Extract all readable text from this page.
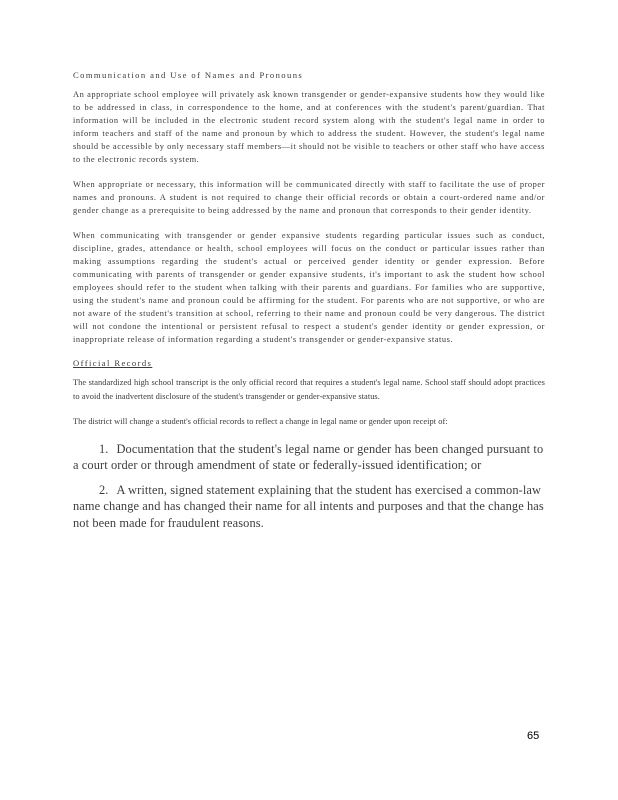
Communication and Use of Names and Pronouns

An appropriate school employee will privately ask known transgender or gender-expansive students how they would like to be addressed in class, in correspondence to the home, and at conferences with the student's parent/guardian. That information will be included in the electronic student record system along with the student's legal name in order to inform teachers and staff of the name and pronoun by which to address the student. However, the student's legal name should be accessible by only necessary staff members—it should not be visible to teachers or other staff who have access to the electronic records system.

When appropriate or necessary, this information will be communicated directly with staff to facilitate the use of proper names and pronouns. A student is not required to change their official records or obtain a court-ordered name and/or gender change as a prerequisite to being addressed by the name and pronoun that corresponds to their gender identity.

When communicating with transgender or gender expansive students regarding particular issues such as conduct, discipline, grades, attendance or health, school employees will focus on the conduct or particular issues rather than making assumptions regarding the student's actual or perceived gender identity or gender expression. Before communicating with parents of transgender or gender expansive students, it's important to ask the student how school employees should refer to the student when talking with their parents and guardians. For families who are supportive, using the student's name and pronoun could be affirming for the student. For parents who are not supportive, or who are not aware of the student's transition at school, referring to their name and pronoun could be very dangerous. The district will not condone the intentional or persistent refusal to respect a student's gender identity or gender expression, or inappropriate release of information regarding a student's transgender or gender-expansive status.

Official Records

The standardized high school transcript is the only official record that requires a student's legal name. School staff should adopt practices to avoid the inadvertent disclosure of the student's transgender or gender-expansive status.

The district will change a student's official records to reflect a change in legal name or gender upon receipt of:

1. Documentation that the student's legal name or gender has been changed pursuant to a court order or through amendment of state or federally-issued identification; or
2. A written, signed statement explaining that the student has exercised a common-law name change and has changed their name for all intents and purposes and that the change has not been made for fraudulent reasons.
65
